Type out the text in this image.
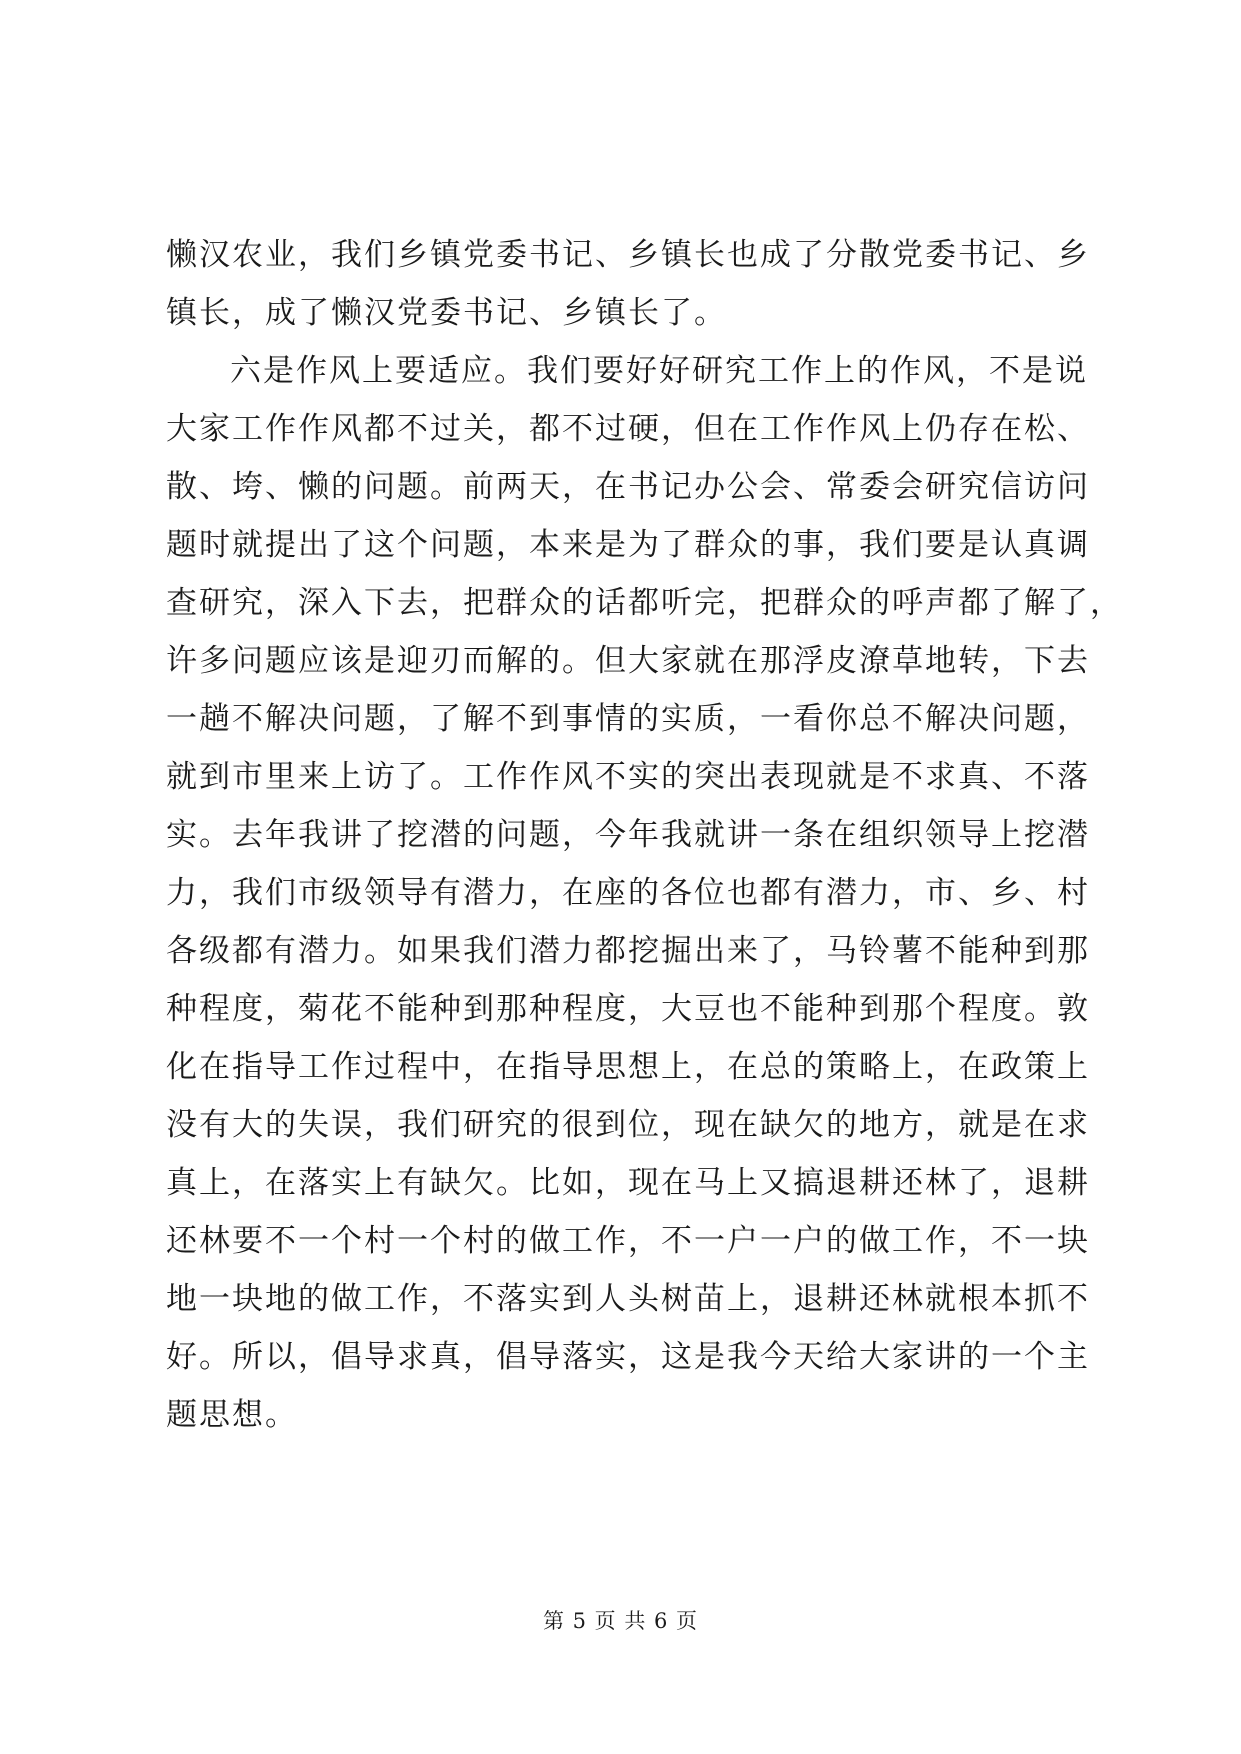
懒汉农业，我们乡镇党委书记、乡镇长也成了分散党委书记、乡
镇长，成了懒汉党委书记、乡镇长了。
六是作风上要适应。我们要好好研究工作上的作风，不是说
大家工作作风都不过关，都不过硬，但在工作作风上仍存在松、
散、垮、懒的问题。前两天，在书记办公会、常委会研究信访问
题时就提出了这个问题，本来是为了群众的事，我们要是认真调
查研究，深入下去，把群众的话都听完，把群众的呼声都了解了，
许多问题应该是迎刃而解的。但大家就在那浮皮潦草地转，下去
一趟不解决问题，了解不到事情的实质，一看你总不解决问题，
就到市里来上访了。工作作风不实的突出表现就是不求真、不落
实。去年我讲了挖潜的问题，今年我就讲一条在组织领导上挖潜
力，我们市级领导有潜力，在座的各位也都有潜力，市、乡、村
各级都有潜力。如果我们潜力都挖掘出来了，马铃薯不能种到那
种程度，菊花不能种到那种程度，大豆也不能种到那个程度。敦
化在指导工作过程中，在指导思想上，在总的策略上，在政策上
没有大的失误，我们研究的很到位，现在缺欠的地方，就是在求
真上，在落实上有缺欠。比如，现在马上又搞退耕还林了，退耕
还林要不一个村一个村的做工作，不一户一户的做工作，不一块
地一块地的做工作，不落实到人头树苗上，退耕还林就根本抓不
好。所以，倡导求真，倡导落实，这是我今天给大家讲的一个主
题思想。
第 5 页 共 6 页
